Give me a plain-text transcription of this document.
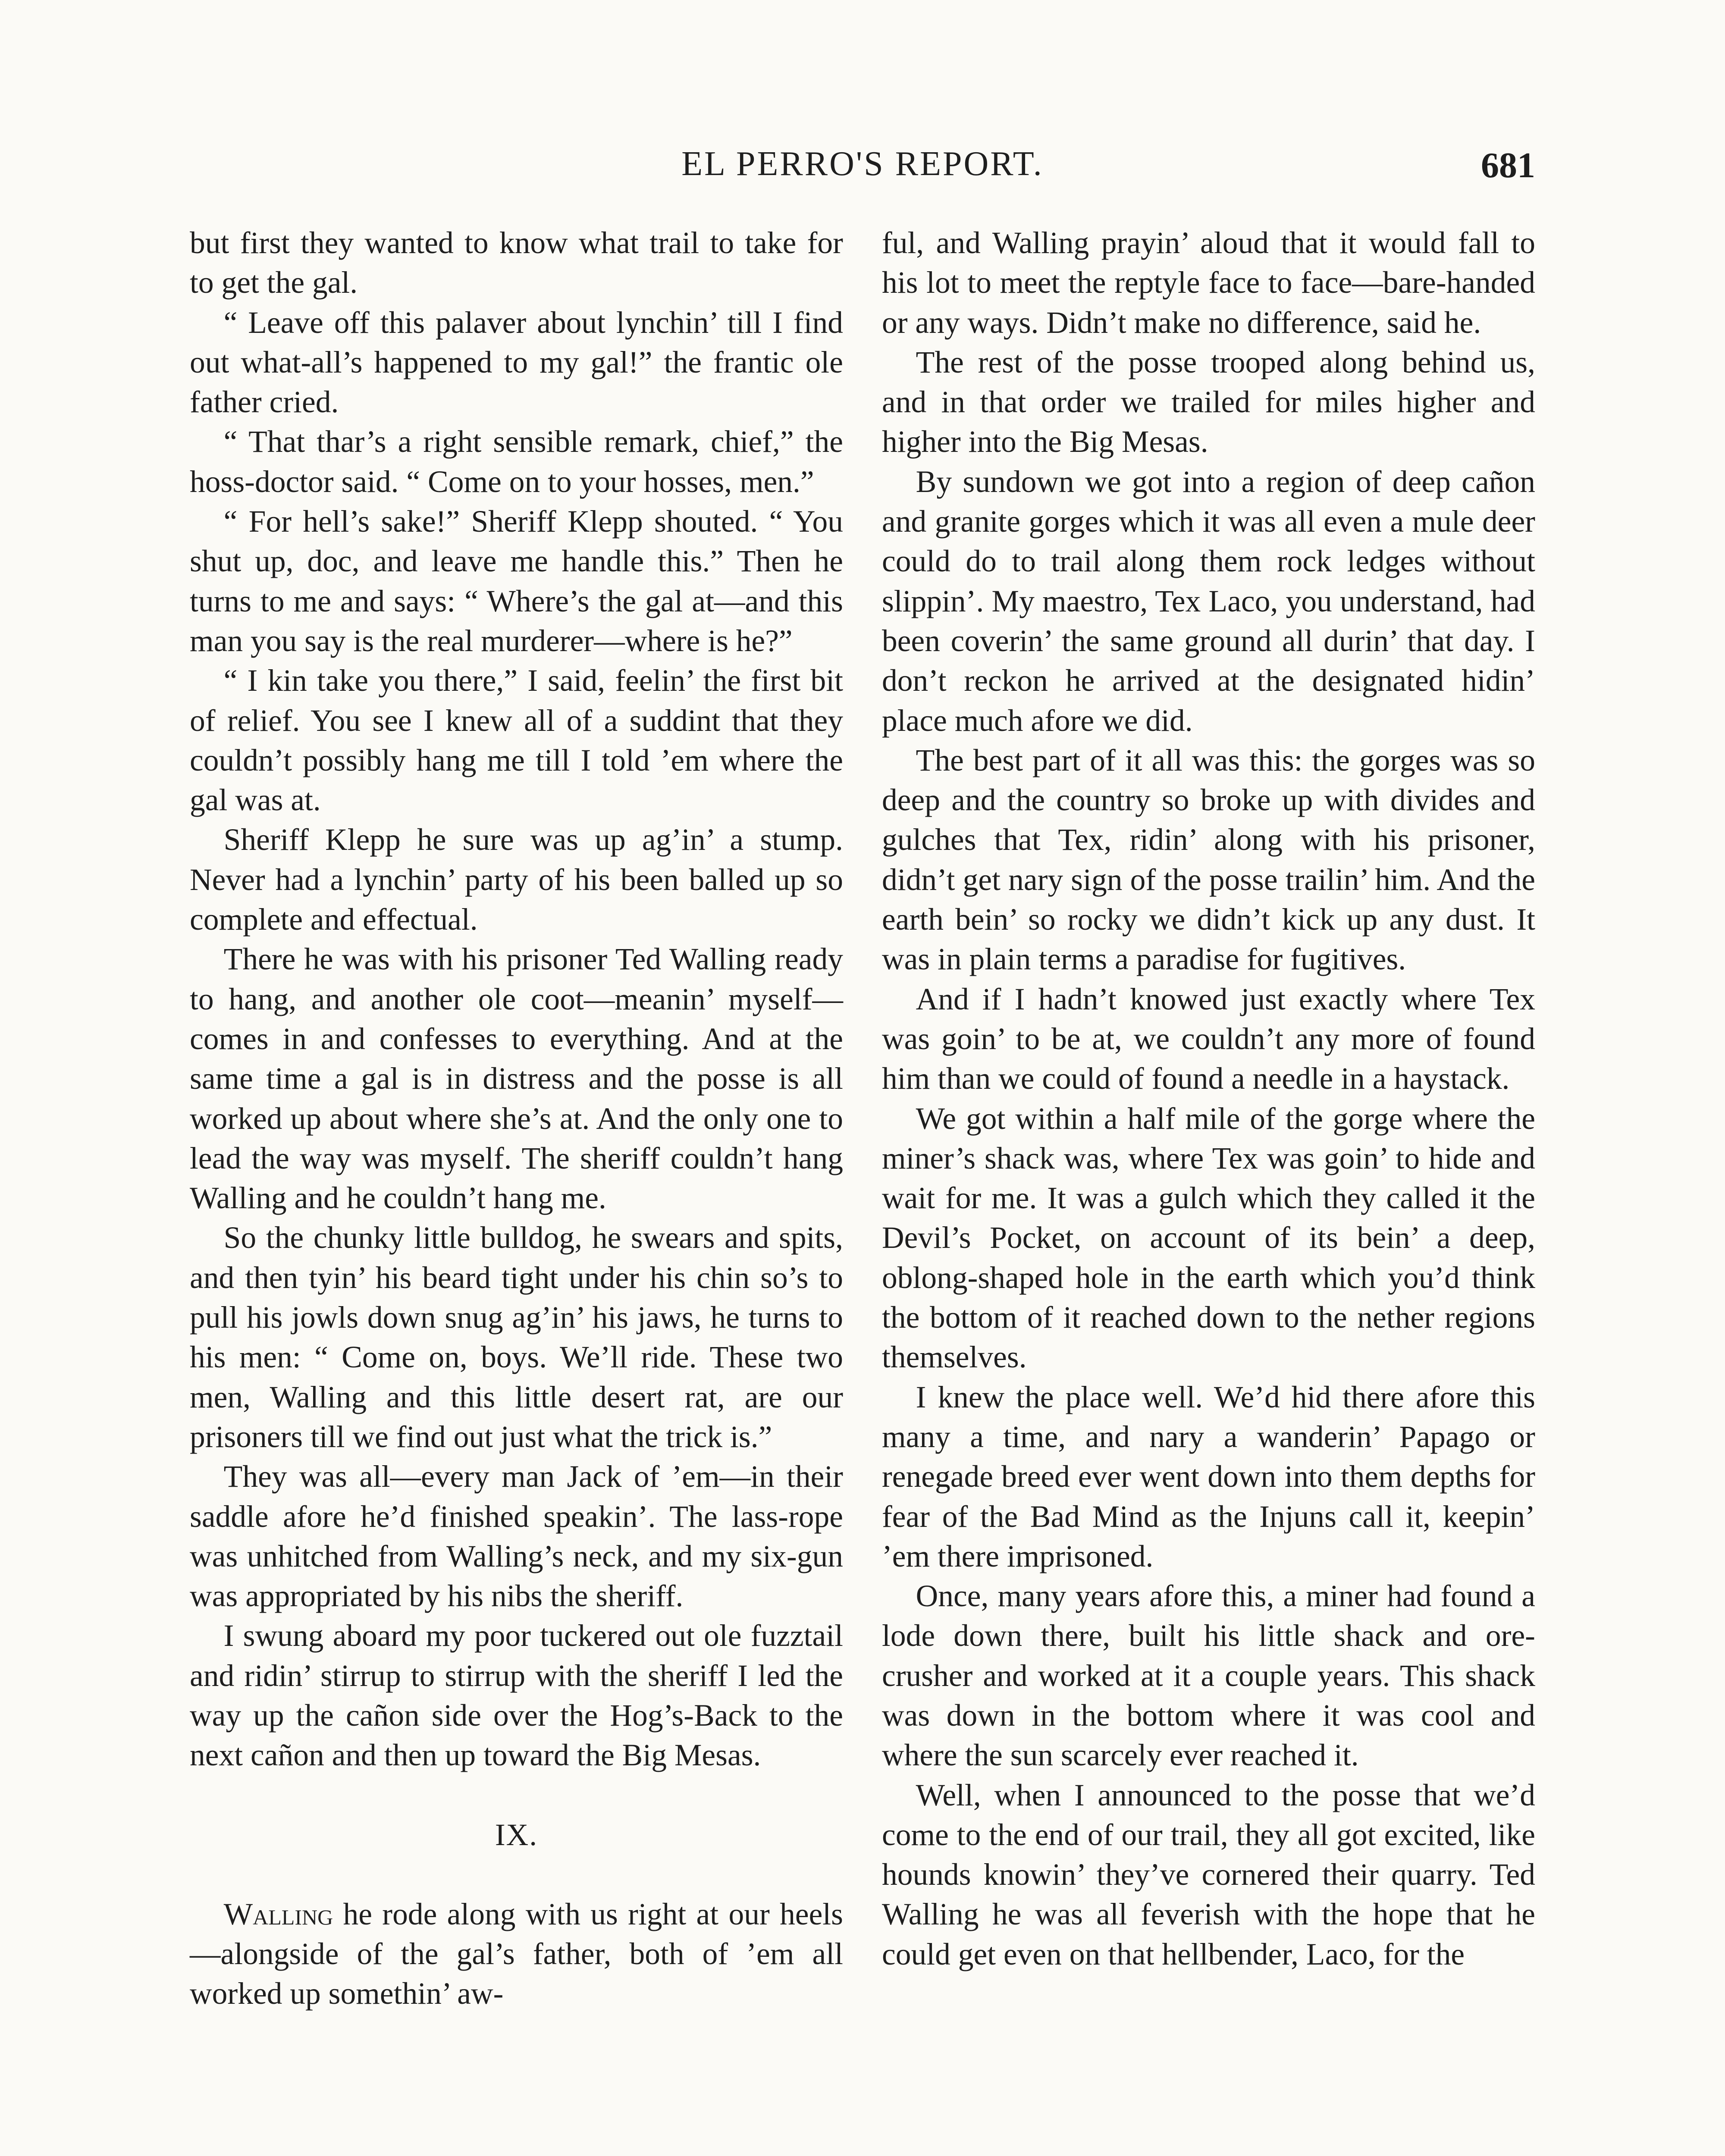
EL PERRO'S REPORT.	681

but first they wanted to know what trail to take for to get the gal.

“ Leave off this palaver about lynchin’ till I find out what-all’s happened to my gal!” the frantic ole father cried.

“ That thar’s a right sensible remark, chief,” the hoss-doctor said. “ Come on to your hosses, men.”

“ For hell’s sake!” Sheriff Klepp shouted. “ You shut up, doc, and leave me handle this.” Then he turns to me and says: “ Where’s the gal at—and this man you say is the real murderer—where is he?”

“ I kin take you there,” I said, feelin’ the first bit of relief. You see I knew all of a suddint that they couldn’t possibly hang me till I told ’em where the gal was at.

Sheriff Klepp he sure was up ag’in’ a stump. Never had a lynchin’ party of his been balled up so complete and effectual.

There he was with his prisoner Ted Walling ready to hang, and another ole coot—meanin’ myself—comes in and confesses to everything. And at the same time a gal is in distress and the posse is all worked up about where she’s at. And the only one to lead the way was myself. The sheriff couldn’t hang Walling and he couldn’t hang me.

So the chunky little bulldog, he swears and spits, and then tyin’ his beard tight under his chin so’s to pull his jowls down snug ag’in’ his jaws, he turns to his men: “ Come on, boys. We’ll ride. These two men, Walling and this little desert rat, are our prisoners till we find out just what the trick is.”

They was all—every man Jack of ’em—in their saddle afore he’d finished speakin’. The lass-rope was unhitched from Walling’s neck, and my six-gun was appropriated by his nibs the sheriff.

I swung aboard my poor tuckered out ole fuzztail and ridin’ stirrup to stirrup with the sheriff I led the way up the cañon side over the Hog’s-Back to the next cañon and then up toward the Big Mesas.

IX.

Walling he rode along with us right at our heels—alongside of the gal’s father, both of ’em all worked up somethin’ aw-

ful, and Walling prayin’ aloud that it would fall to his lot to meet the reptyle face to face—bare-handed or any ways. Didn’t make no difference, said he.

The rest of the posse trooped along behind us, and in that order we trailed for miles higher and higher into the Big Mesas.

By sundown we got into a region of deep cañon and granite gorges which it was all even a mule deer could do to trail along them rock ledges without slippin’. My maestro, Tex Laco, you understand, had been coverin’ the same ground all durin’ that day. I don’t reckon he arrived at the designated hidin’ place much afore we did.

The best part of it all was this: the gorges was so deep and the country so broke up with divides and gulches that Tex, ridin’ along with his prisoner, didn’t get nary sign of the posse trailin’ him. And the earth bein’ so rocky we didn’t kick up any dust. It was in plain terms a paradise for fugitives.

And if I hadn’t knowed just exactly where Tex was goin’ to be at, we couldn’t any more of found him than we could of found a needle in a haystack.

We got within a half mile of the gorge where the miner’s shack was, where Tex was goin’ to hide and wait for me. It was a gulch which they called it the Devil’s Pocket, on account of its bein’ a deep, oblong-shaped hole in the earth which you’d think the bottom of it reached down to the nether regions themselves.

I knew the place well. We’d hid there afore this many a time, and nary a wanderin’ Papago or renegade breed ever went down into them depths for fear of the Bad Mind as the Injuns call it, keepin’ ’em there imprisoned.

Once, many years afore this, a miner had found a lode down there, built his little shack and ore-crusher and worked at it a couple years. This shack was down in the bottom where it was cool and where the sun scarcely ever reached it.

Well, when I announced to the posse that we’d come to the end of our trail, they all got excited, like hounds knowin’ they’ve cornered their quarry. Ted Walling he was all feverish with the hope that he could get even on that hellbender, Laco, for the
